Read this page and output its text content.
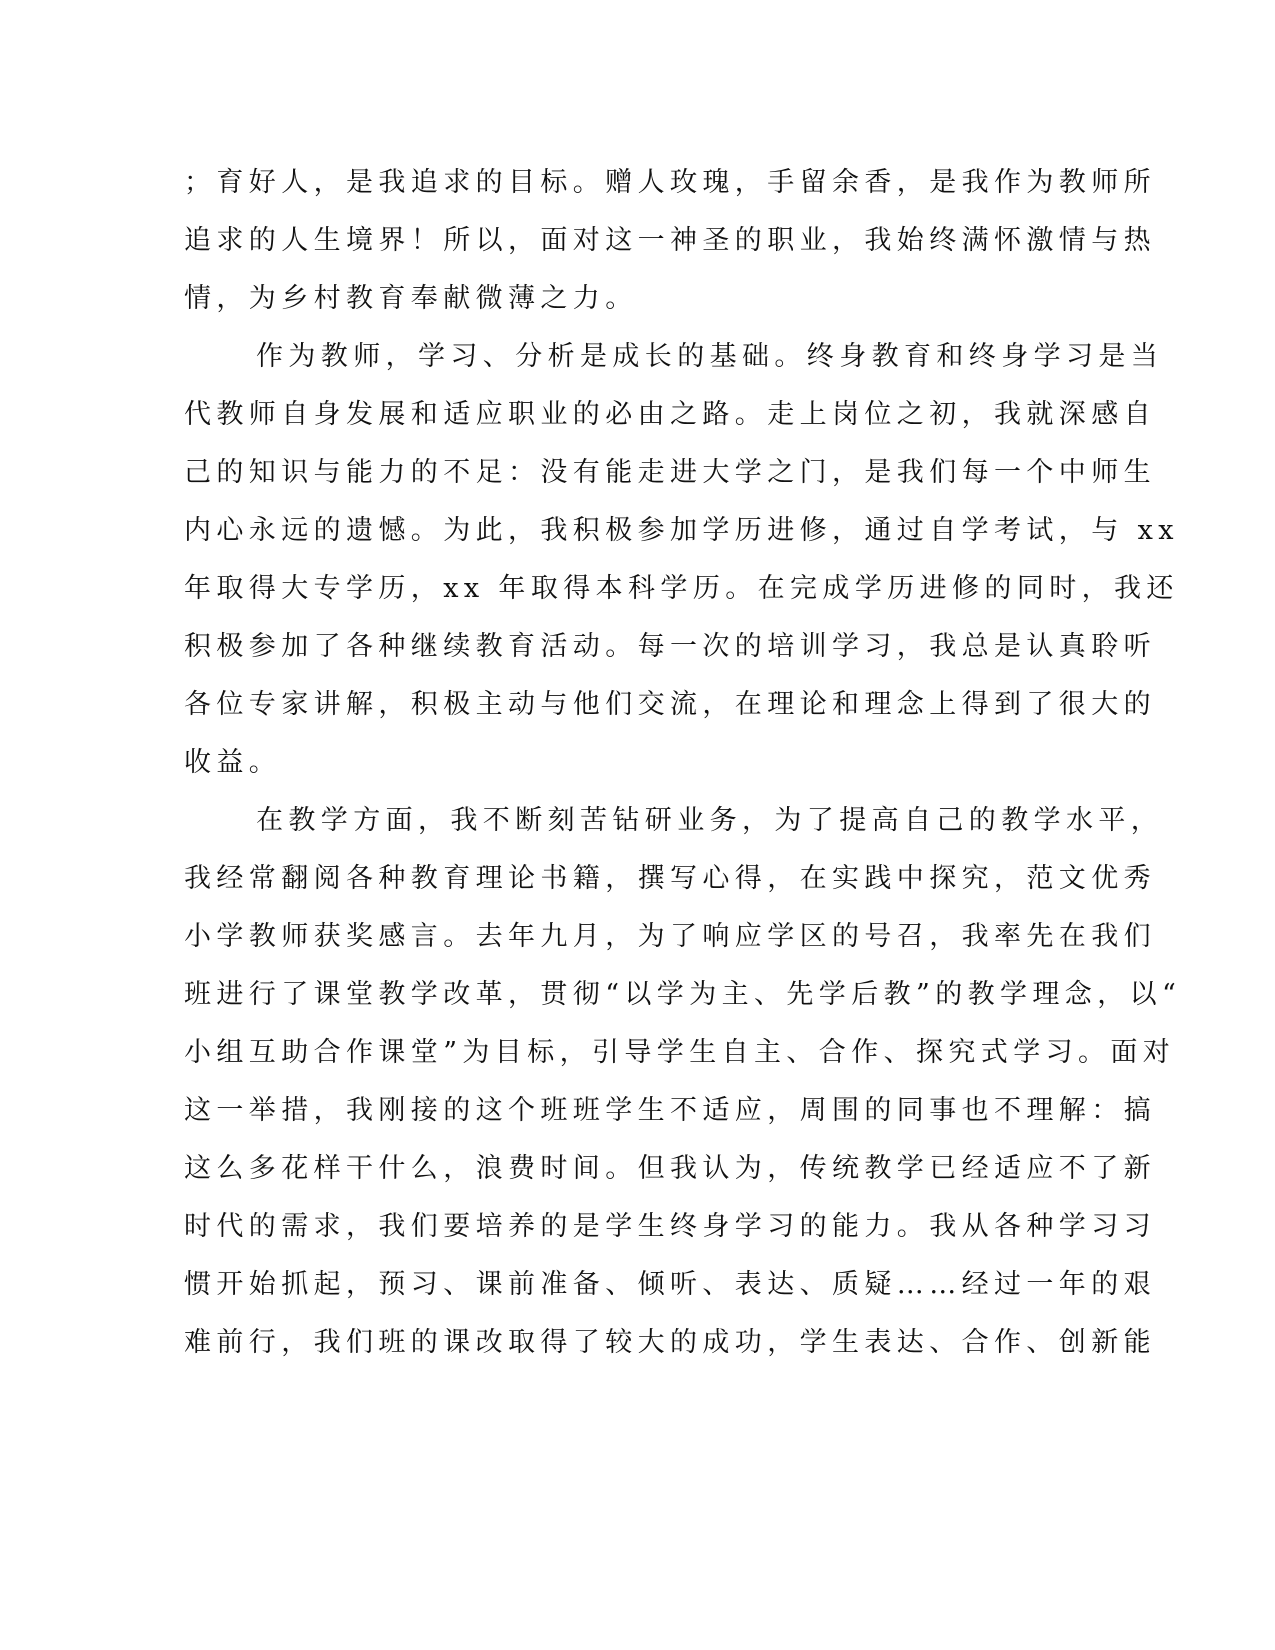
；育好人，是我追求的目标。赠人玫瑰，手留余香，是我作为教师所
追求的人生境界！所以，面对这一神圣的职业，我始终满怀激情与热
情，为乡村教育奉献微薄之力。
作为教师，学习、分析是成长的基础。终身教育和终身学习是当
代教师自身发展和适应职业的必由之路。走上岗位之初，我就深感自
己的知识与能力的不足：没有能走进大学之门，是我们每一个中师生
内心永远的遗憾。为此，我积极参加学历进修，通过自学考试，与 xx
年取得大专学历，xx 年取得本科学历。在完成学历进修的同时，我还
积极参加了各种继续教育活动。每一次的培训学习，我总是认真聆听
各位专家讲解，积极主动与他们交流，在理论和理念上得到了很大的
收益。
在教学方面，我不断刻苦钻研业务，为了提高自己的教学水平，
我经常翻阅各种教育理论书籍，撰写心得，在实践中探究，范文优秀
小学教师获奖感言。去年九月，为了响应学区的号召，我率先在我们
班进行了课堂教学改革，贯彻“以学为主、先学后教”的教学理念，以“
小组互助合作课堂”为目标，引导学生自主、合作、探究式学习。面对
这一举措，我刚接的这个班班学生不适应，周围的同事也不理解：搞
这么多花样干什么，浪费时间。但我认为，传统教学已经适应不了新
时代的需求，我们要培养的是学生终身学习的能力。我从各种学习习
惯开始抓起，预习、课前准备、倾听、表达、质疑……经过一年的艰
难前行，我们班的课改取得了较大的成功，学生表达、合作、创新能
